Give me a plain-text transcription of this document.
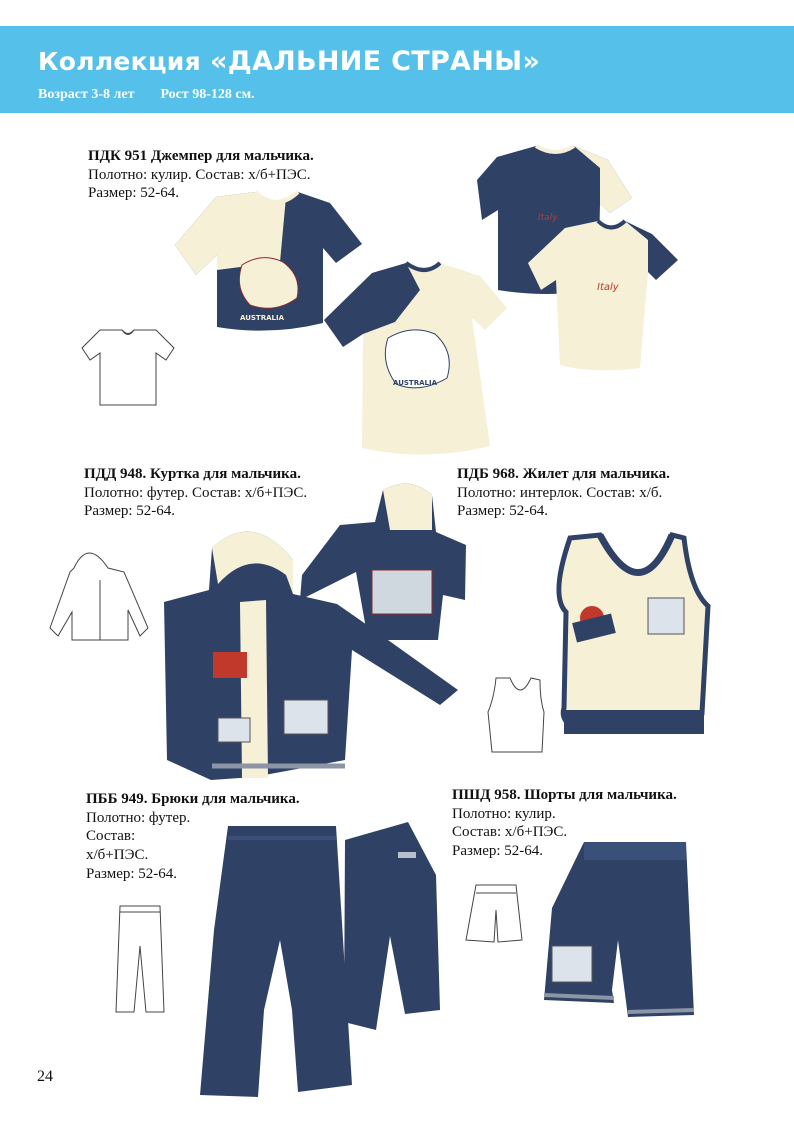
Коллекция «ДАЛЬНИЕ СТРАНЫ»
Возраст 3-8 лет Рост 98-128 см.
AUSTRALIA
AUSTRALIA
Italy
Italy
ПДК 951 Джемпер для мальчика.
Полотно: кулир. Состав: х/б+ПЭС.
Размер: 52-64.
ПДД 948. Куртка для мальчика.
Полотно: футер. Состав: х/б+ПЭС.
Размер: 52-64.
ПДБ 968. Жилет для мальчика.
Полотно: интерлок. Состав: х/б.
Размер: 52-64.
ПББ 949. Брюки для мальчика.
Полотно: футер.
Состав:
х/б+ПЭС.
Размер: 52-64.
ПШД 958. Шорты для мальчика.
Полотно: кулир.
Состав: х/б+ПЭС.
Размер: 52-64.
24
